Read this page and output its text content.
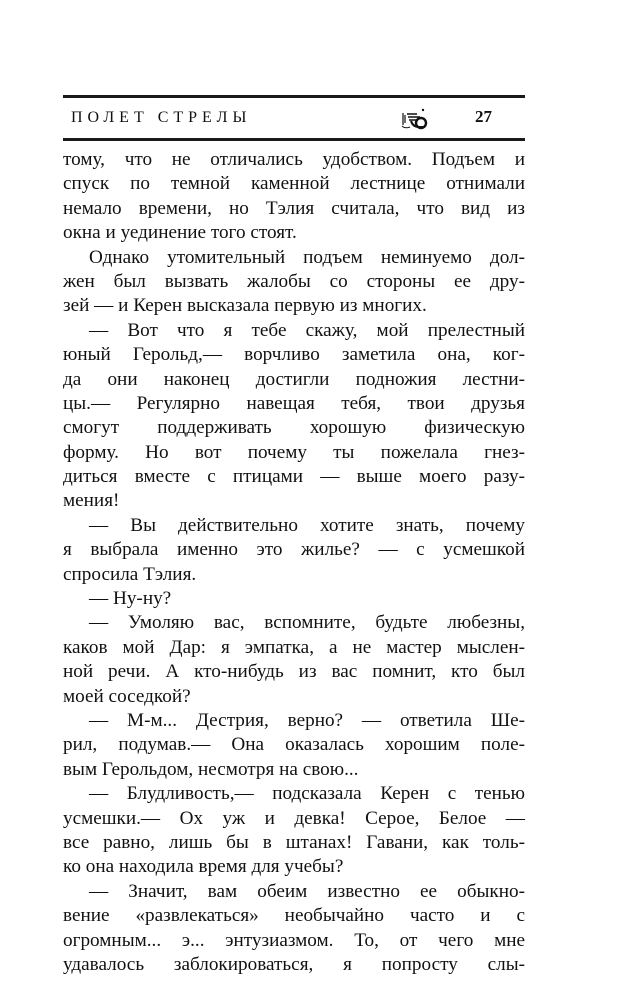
ПОЛЕТ СТРЕЛЫ	27
тому, что не отличались удобством. Подъем и
спуск по темной каменной лестнице отнимали
немало времени, но Тэлия считала, что вид из
окна и уединение того стоят.
Однако утомительный подъем неминуемо дол-
жен был вызвать жалобы со стороны ее дру-
зей — и Керен высказала первую из многих.
— Вот что я тебе скажу, мой прелестный
юный Герольд,— ворчливо заметила она, ког-
да они наконец достигли подножия лестни-
цы.— Регулярно навещая тебя, твои друзья
смогут поддерживать хорошую физическую
форму. Но вот почему ты пожелала гнез-
диться вместе с птицами — выше моего разу-
мения!
— Вы действительно хотите знать, почему
я выбрала именно это жилье? — с усмешкой
спросила Тэлия.
— Ну-ну?
— Умоляю вас, вспомните, будьте любезны,
каков мой Дар: я эмпатка, а не мастер мыслен-
ной речи. А кто-нибудь из вас помнит, кто был
моей соседкой?
— М-м... Дестрия, верно? — ответила Ше-
рил, подумав.— Она оказалась хорошим поле-
вым Герольдом, несмотря на свою...
— Блудливость,— подсказала Керен с тенью
усмешки.— Ох уж и девка! Серое, Белое —
все равно, лишь бы в штанах! Гавани, как толь-
ко она находила время для учебы?
— Значит, вам обеим известно ее обыкно-
вение «развлекаться» необычайно часто и с
огромным... э... энтузиазмом. То, от чего мне
удавалось заблокироваться, я попросту слы-
